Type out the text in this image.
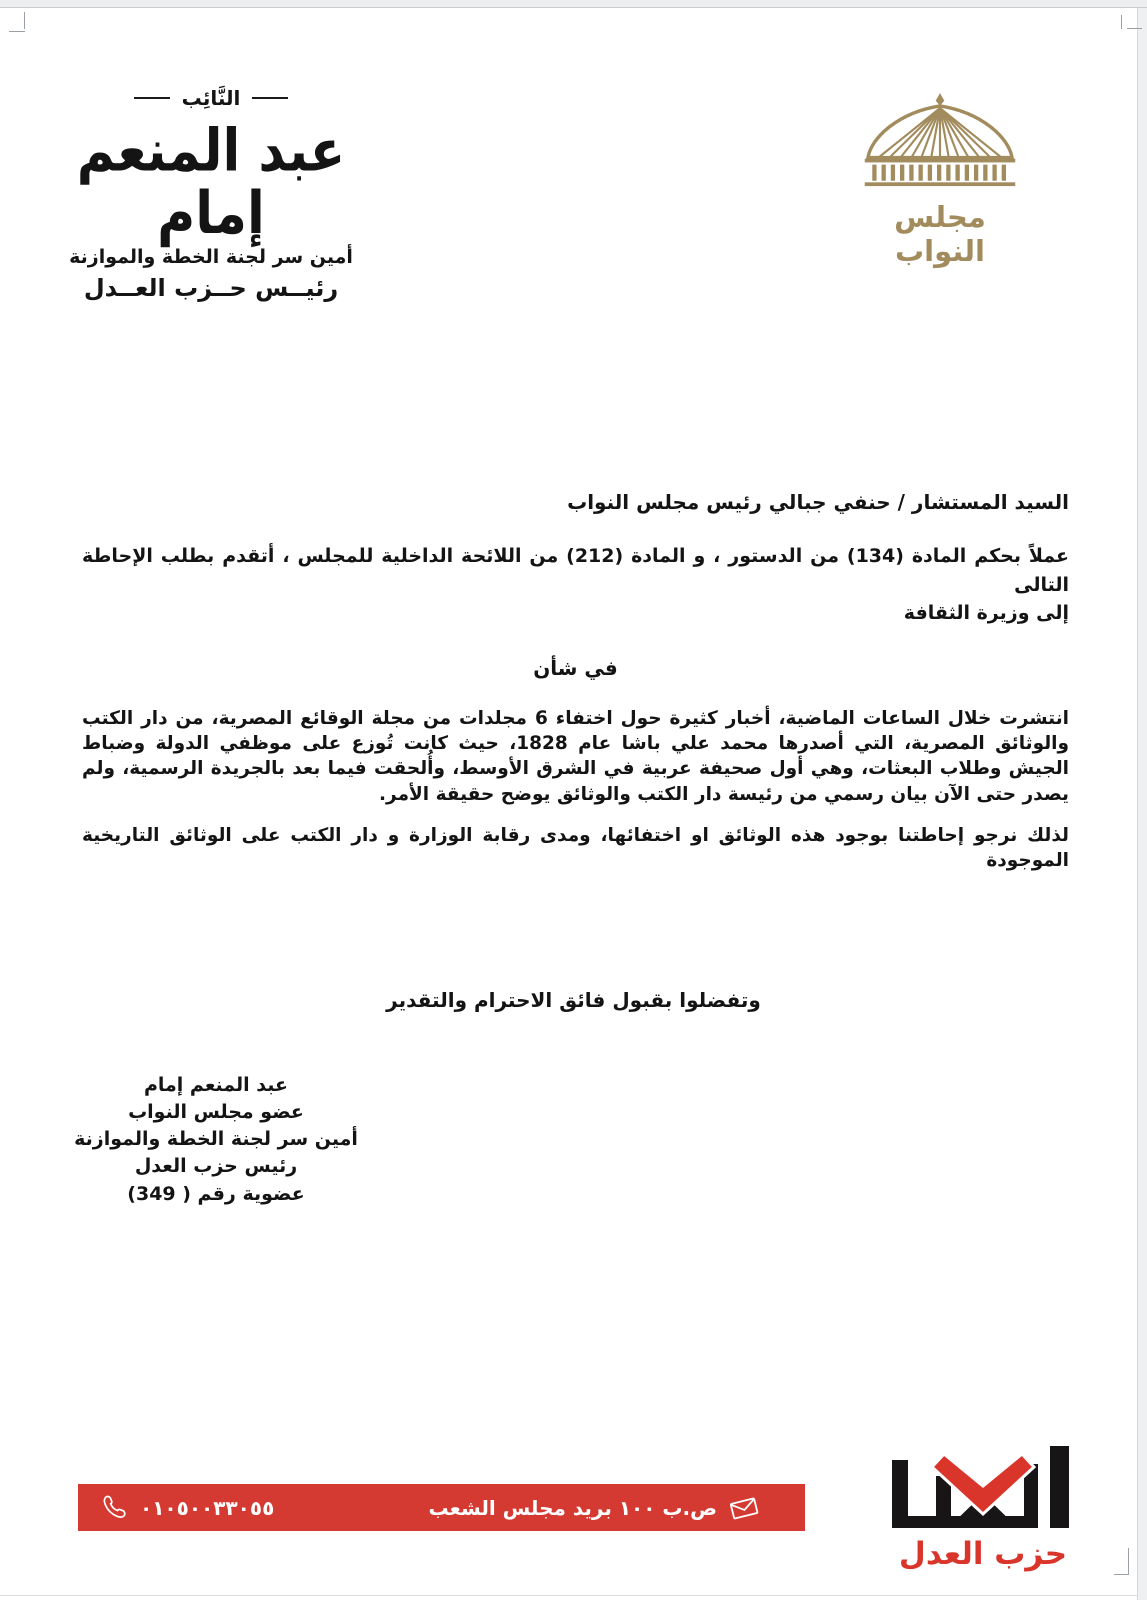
النَّائِب
عبد المنعم إمام
أمين سر لجنة الخطة والموازنة
رئيــس حــزب العــدل
مجلس النواب
السيد المستشار / حنفي جبالي رئيس مجلس النواب
عملاً بحكم المادة (134) من الدستور ، و المادة (212) من اللائحة الداخلية للمجلس ، أتقدم بطلب الإحاطة
التالى
إلى وزيرة الثقافة
في شأن
انتشرت خلال الساعات الماضية، أخبار كثيرة حول اختفاء 6 مجلدات من مجلة الوقائع المصرية، من دار الكتب والوثائق المصرية، التي أصدرها محمد علي باشا عام 1828، حيث كانت تُوزع على موظفي الدولة وضباط الجيش وطلاب البعثات، وهي أول صحيفة عربية في الشرق الأوسط، وأُلحقت فيما بعد بالجريدة الرسمية، ولم يصدر حتى الآن بيان رسمي من رئيسة دار الكتب والوثائق يوضح حقيقة الأمر.
لذلك نرجو إحاطتنا بوجود هذه الوثائق او اختفائها، ومدى رقابة الوزارة و دار الكتب على الوثائق التاريخية الموجودة
وتفضلوا بقبول فائق الاحترام والتقدير
عبد المنعم إمام
عضو مجلس النواب
أمين سر لجنة الخطة والموازنة
رئيس حزب العدل
عضوية رقم ( 349)
ص.ب ١٠٠ بريد مجلس الشعب
٠١٠٥٠٠٣٣٠٥٥
حزب العدل
